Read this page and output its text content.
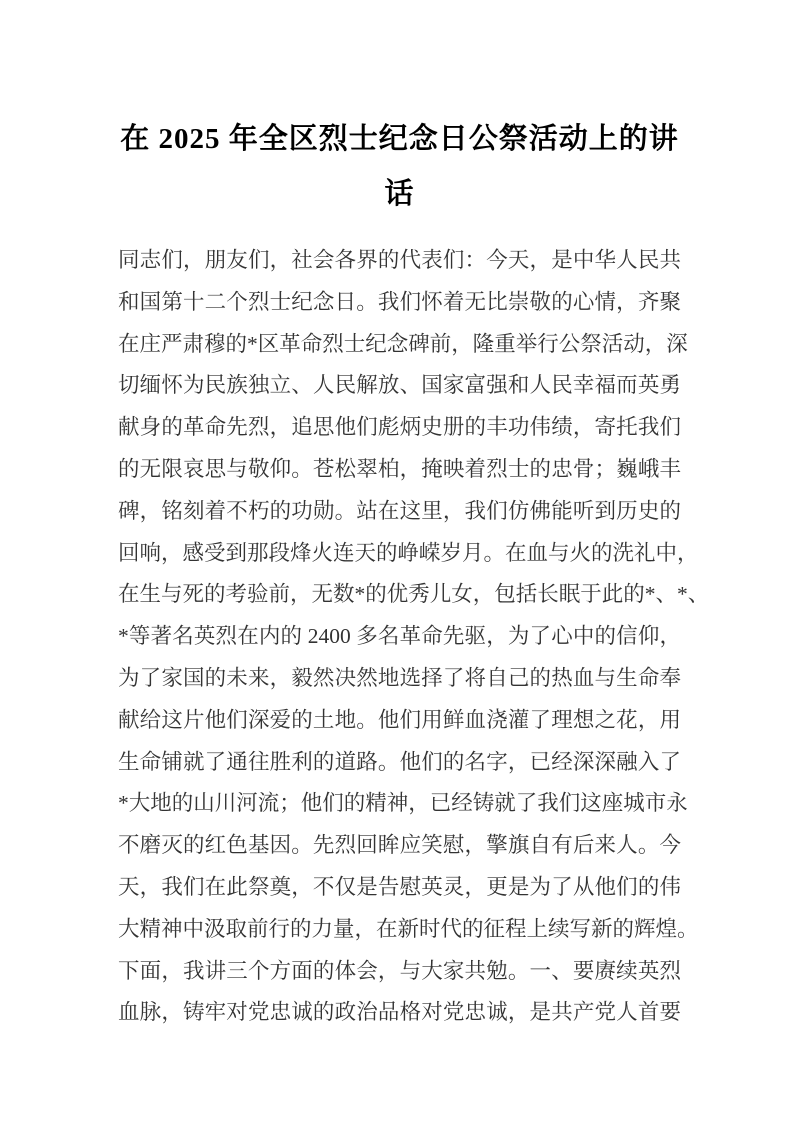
在 2025 年全区烈士纪念日公祭活动上的讲
话
同志们，朋友们，社会各界的代表们：今天，是中华人民共
和国第十二个烈士纪念日。我们怀着无比崇敬的心情，齐聚
在庄严肃穆的*区革命烈士纪念碑前，隆重举行公祭活动，深
切缅怀为民族独立、人民解放、国家富强和人民幸福而英勇
献身的革命先烈，追思他们彪炳史册的丰功伟绩，寄托我们
的无限哀思与敬仰。苍松翠柏，掩映着烈士的忠骨；巍峨丰
碑，铭刻着不朽的功勋。站在这里，我们仿佛能听到历史的
回响，感受到那段烽火连天的峥嵘岁月。在血与火的洗礼中，
在生与死的考验前，无数*的优秀儿女，包括长眠于此的*、*、
*等著名英烈在内的 2400 多名革命先驱，为了心中的信仰，
为了家国的未来，毅然决然地选择了将自己的热血与生命奉
献给这片他们深爱的土地。他们用鲜血浇灌了理想之花，用
生命铺就了通往胜利的道路。他们的名字，已经深深融入了
*大地的山川河流；他们的精神，已经铸就了我们这座城市永
不磨灭的红色基因。先烈回眸应笑慰，擎旗自有后来人。今
天，我们在此祭奠，不仅是告慰英灵，更是为了从他们的伟
大精神中汲取前行的力量，在新时代的征程上续写新的辉煌。
下面，我讲三个方面的体会，与大家共勉。一、要赓续英烈
血脉，铸牢对党忠诚的政治品格对党忠诚，是共产党人首要
